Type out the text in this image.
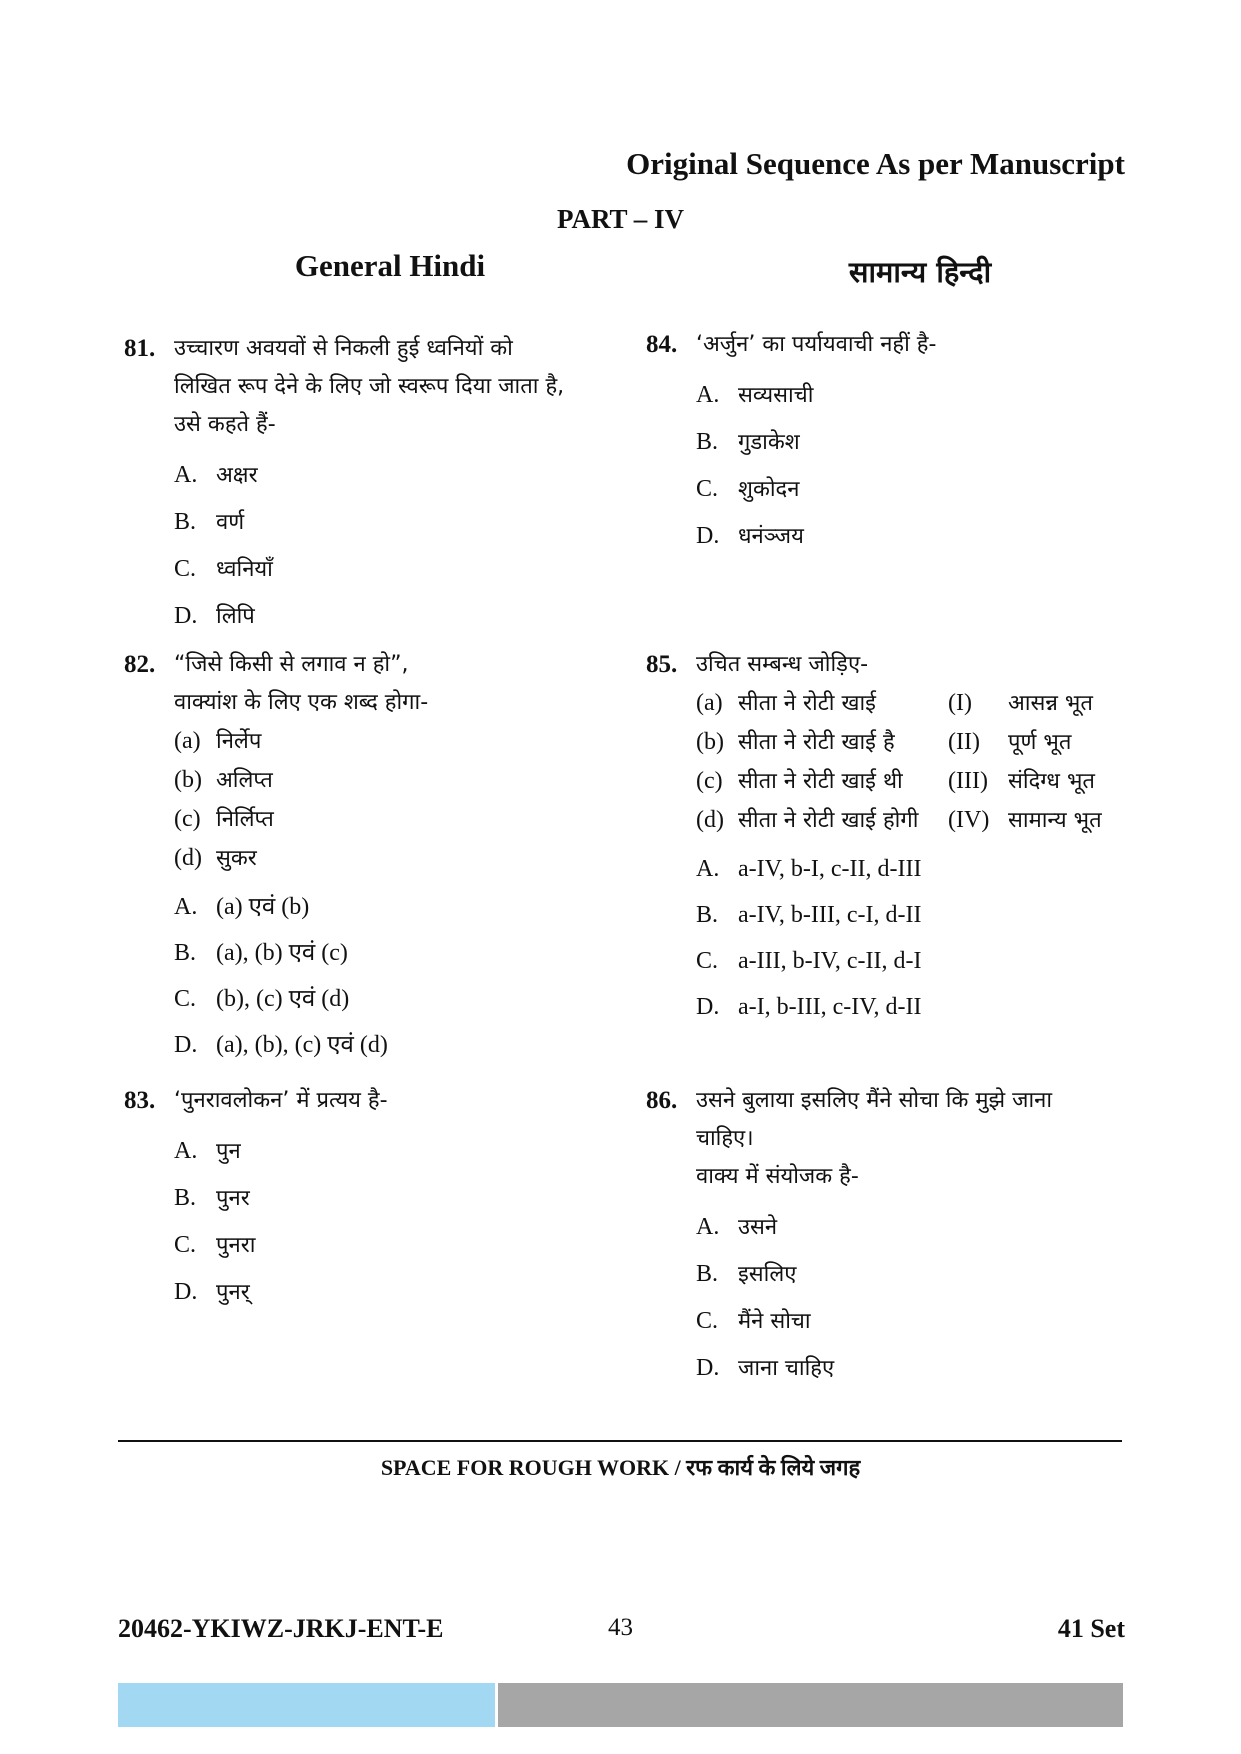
Original Sequence As per Manuscript
PART – IV
General Hindi	सामान्य हिन्दी
81. उच्चारण अवयवों से निकली हुई ध्वनियों को
लिखित रूप देने के लिए जो स्वरूप दिया जाता है,
उसे कहते हैं-
A. अक्षर
B. वर्ण
C. ध्वनियाँ
D. लिपि
82. “जिसे किसी से लगाव न हो”,
वाक्यांश के लिए एक शब्द होगा-
(a) निर्लेप
(b) अलिप्त
(c) निर्लिप्त
(d) सुकर
A. (a) एवं (b)
B. (a), (b) एवं (c)
C. (b), (c) एवं (d)
D. (a), (b), (c) एवं (d)
83. ‘पुनरावलोकन’ में प्रत्यय है-
A. पुन
B. पुनर
C. पुनरा
D. पुनर्
84. ‘अर्जुन’ का पर्यायवाची नहीं है-
A. सव्यसाची
B. गुडाकेश
C. शुकोदन
D. धनंञ्जय
85. उचित सम्बन्ध जोड़िए-
(a) सीता ने रोटी खाई	(I) आसन्न भूत
(b) सीता ने रोटी खाई है (II) पूर्ण भूत
(c) सीता ने रोटी खाई थी (III) संदिग्ध भूत
(d) सीता ने रोटी खाई होगी (IV) सामान्य भूत
A. a-IV, b-I, c-II, d-III
B. a-IV, b-III, c-I, d-II
C. a-III, b-IV, c-II, d-I
D. a-I, b-III, c-IV, d-II
86. उसने बुलाया इसलिए मैंने सोचा कि मुझे जाना
चाहिए।
वाक्य में संयोजक है-
A. उसने
B. इसलिए
C. मैंने सोचा
D. जाना चाहिए
SPACE FOR ROUGH WORK / रफ कार्य के लिये जगह
20462-YKIWZ-JRKJ-ENT-E	43	41 Set
